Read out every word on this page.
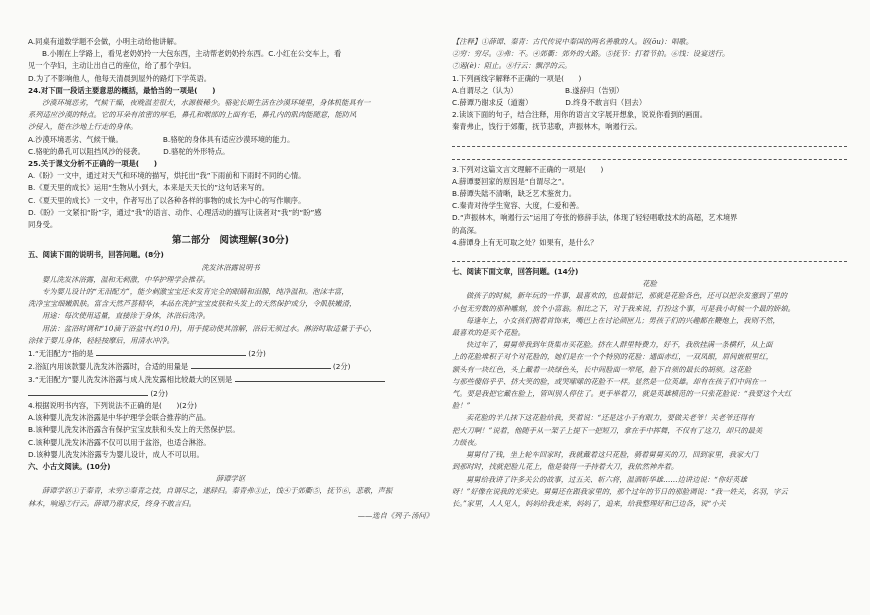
A.同桌有道数学题不会做，小明主动给他讲解。
B.小刚在上学路上，看见老奶奶拎一大包东西，主动帮老奶奶拎东西。C.小红在公交车上，看
见一个孕妇，主动让出自己的座位，给了那个孕妇。
D.为了不影响他人，他每天清晨到屋外的路灯下学英语。
24.对下面一段话主要意思的概括，最恰当的一项是(　　)
沙漠环境恶劣，气候干燥，夜晚温差很大，水源极稀少。骆驼长期生活在沙漠环境里，身体机能具有一
系列适应沙漠的特点。它的耳朵有浓密的厚毛，鼻孔和喉部的上面有毛，鼻孔内的肌肉能随意，能防风
沙侵入，能在沙地上行走的身体。
A.沙漠环境恶劣、气候干燥。　　　　　　B.骆驼的身体具有适应沙漠环境的能力。
C.骆驼的鼻孔可以阻挡风沙的侵袭。　　　D.骆驼的外形特点。
25.关于课文分析不正确的一项是(　　)
A.《盼》一文中，通过对天气和环境的描写，烘托出“我”下雨前和下雨时不同的心情。
B.《夏天里的成长》运用“生物从小到大，本来是天天长的”这句话来写的。
C.《夏天里的成长》一文中，作者写出了以各种各样的事物的成长为中心的写作顺序。
D.《盼》一文紧扣“盼”字，通过“我”的语言、动作、心理活动的描写让读者对“我”的“盼”感
同身受。
第二部分　阅读理解(30分)
五、阅读下面的说明书，回答问题。(8分)
洗发沐浴露说明书
婴儿洗发沐浴露，温和无刺激，中华护理学会推荐。
专为婴儿设计的“无泪配方”，能少刺激宝宝还未发育完全的眼睛和泪腺，纯净温和。泡沫丰富，
洗净宝宝细嫩肌肤。富含天然芦荟精华，本品在洗护宝宝皮肤和头发上的天然保护成分，令肌肤嫩滑，
用途：每次使用适量，直接涂于身体，沐浴后洗净。
用法：盆浴时调和“10滴于浴盆中(约10升)，用手搅动使其溶解，浴后无须过水。淋浴时取适量于手心，
涂抹于婴儿身体，轻轻按摩后，用清水冲净。
1.“无泪配方”指的是	(2分)
2.浴缸内用该款婴儿洗发沐浴露时，合适的用量是	(2分)
3.“无泪配方”婴儿洗发沐浴露与成人洗发露相比较最大的区别是
(2分)
4.根据说明书内容，下列说法不正确的是(　　)(2分)
A.该种婴儿洗发沐浴露是中华护理学会联合推荐的产品。
B.该种婴儿洗发沐浴露含有保护宝宝皮肤和头发上的天然保护层。
C.该种婴儿洗发沐浴露不仅可以用于盆浴，也适合淋浴。
D.该种婴儿洗发沐浴露专为婴儿设计，成人不可以用。
六、小古文阅读。(10分)
薛谭学讴
薛谭学讴①于秦青，未穷②秦青之技，自谓尽之，遂辞归。秦青弗③止，饯④于郊衢⑤，抚节⑥，悲歌，声振
林木，响遏⑦行云。薛谭乃谢求反，终身不敢言归。
——选自《列子·汤问》
【注释】①薛谭、秦青：古代传说中秦国的两名善歌的人。讴(ōu)：唱歌。
②穷：穷尽。③弗：不。④郊衢：郊外的大路。⑤抚节：打着节拍。⑥饯：设宴送行。
⑦遏(è)：阻止。⑧行云：飘浮的云。
1.下列画线字解释不正确的一项是(　　)
A.自谓尽之（认为）　　　　　　　B.遂辞归（告别）
C.薛谭乃谢求反（道谢）　　　　　D.终身不敢言归（回去）
2.读该下面的句子，结合注释，用你的语言文字展开想象，说说你看到的画面。
秦青弗止，饯行于郊衢，抚节悲歌，声振林木，响遏行云。
3.下列对这篇文言文理解不正确的一项是(　　)
A.薛谭要回家的原因是“自谓尽之”。
B.薛谭失陆不清晰，缺乏艺术鉴赏力。
C.秦青对待学生宽容、大度，仁爱和善。
D.“声振林木，响遏行云”运用了夸张的修辞手法，体现了轻轻唱歌技术的高超，艺术境界
的高深。
4.薛谭身上有无可取之处？如果有，是什么？
七、阅读下面文章，回答问题。(14分)
花脸
做孩子的时候，新年玩的一件事，最喜欢的，也最惦记，那就是花脸各色，还可以把杂发塞到了里的
小包无穷数的那种雕刻，放个小富翁。相比之下，对于我来说，打扮这个事，可是我小时候一个最的娇娘。
每逢年上，小女孩们拥着首饰来，嘴巴上在讨论颜匣儿；男孩子们的兴趣都在鞭炮上，我则不然，
最喜欢的是买个花脸。
快过年了，舅舅带我到年货集市买花脸。挤在人群里特费力，好不，我欣挂满一条横杆，从上面
上的花脸堆积子对个对花脸的，她们是在一个个特别的花脸：通面赤红，一双凤眼，眉间嵌根里红，
额头有一块红色，头上戴着一块绿色头，长中间脸面一窄尾，脸下自须的最长的胡须。这花脸
与那些傻俗乎乎、挤大笑的脸，或哭嗦嗦的花脸不一样。显然是一位英雄。却有在孩子们中间在一
气。要是我把它戴在脸上，管叫别人停住了。更手举着刀，就是英雄模范的一只张花脸说：“我要这个大红
脸！”
卖花脸的羊儿抹下这花脸给我，笑着说：“还是这小子有眼力，要做关老爷！关老爷还得有
把大刀啊！”说着，他随手从一架子上提下一把短刀，拿在手中挥舞，不仅有了这刀，却只的最美
力级夜。
舅舅付了钱，坐上轮车回家时，我就戴着这只花脸，骑着舅舅买的刀，回到家里，我家大门
到那时时，找就把脸儿花上，他是装得一手持着大刀，我依然神奔着。
舅舅给我讲了许多关公的故事，过五关、斩六将，温酒斩华雄……边讲边说：“你好英雄
呀！”好像在说我的光荣史。舅舅还在跟我家里的，那个过年的节日的那脸调说：“我一姓关，名羽，字云
长。”家里，人人见人，妈妈给我走来，妈妈了，追来，给我整理好和已边各，说“小关
